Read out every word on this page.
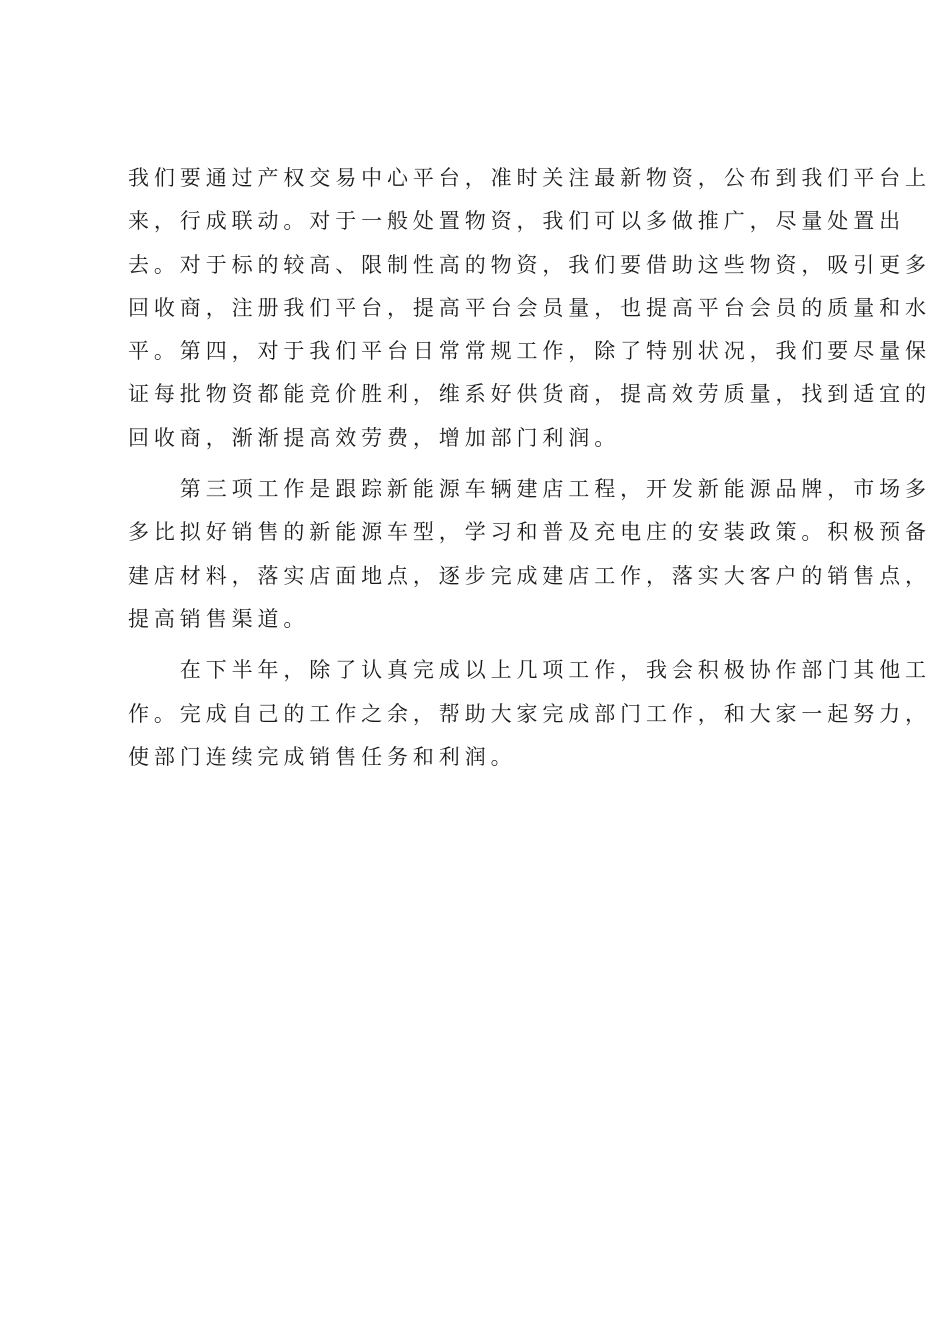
我们要通过产权交易中心平台，准时关注最新物资，公布到我们平台上
来，行成联动。对于一般处置物资，我们可以多做推广，尽量处置出
去。对于标的较高、限制性高的物资，我们要借助这些物资，吸引更多
回收商，注册我们平台，提高平台会员量，也提高平台会员的质量和水
平。第四，对于我们平台日常常规工作，除了特别状况，我们要尽量保
证每批物资都能竞价胜利，维系好供货商，提高效劳质量，找到适宜的
回收商，渐渐提高效劳费，增加部门利润。
　　第三项工作是跟踪新能源车辆建店工程，开发新能源品牌，市场多
多比拟好销售的新能源车型，学习和普及充电庄的安装政策。积极预备
建店材料，落实店面地点，逐步完成建店工作，落实大客户的销售点，
提高销售渠道。
　　在下半年，除了认真完成以上几项工作，我会积极协作部门其他工
作。完成自己的工作之余，帮助大家完成部门工作，和大家一起努力，
使部门连续完成销售任务和利润。
